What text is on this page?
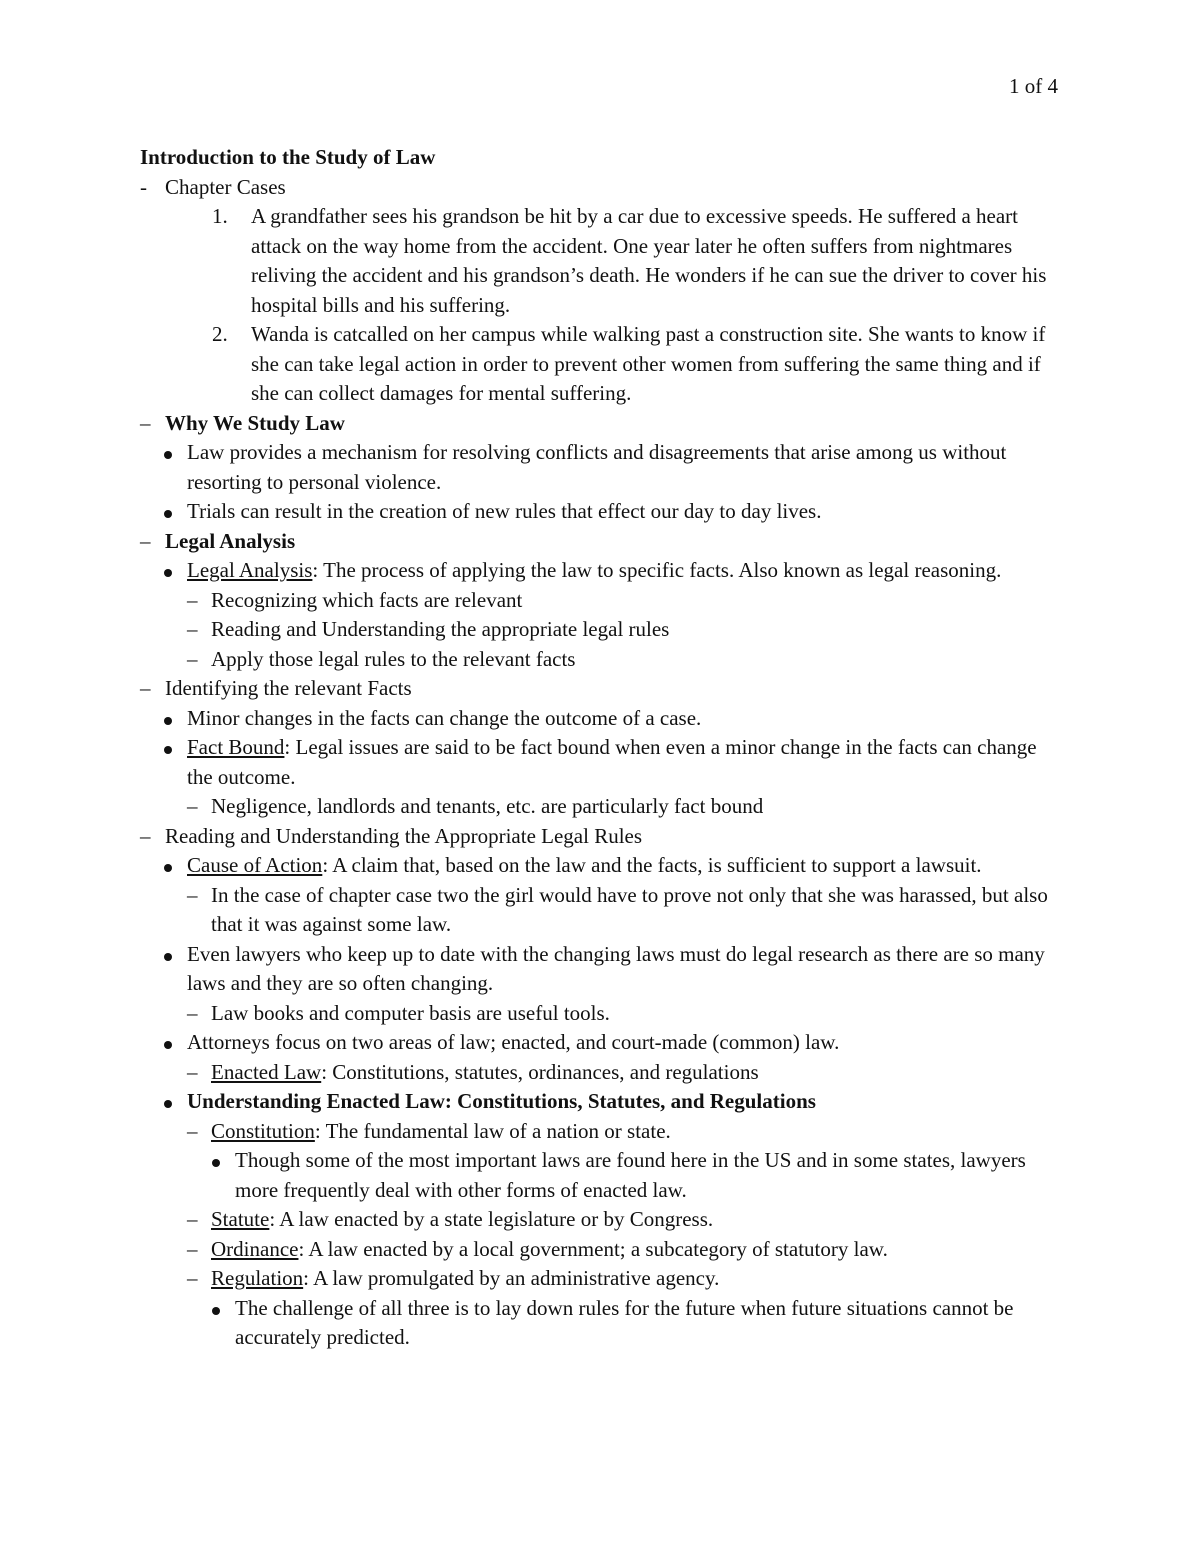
1 of 4
Introduction to the Study of Law
- Chapter Cases
1. A grandfather sees his grandson be hit by a car due to excessive speeds. He suffered a heart attack on the way home from the accident. One year later he often suffers from nightmares reliving the accident and his grandson’s death. He wonders if he can sue the driver to cover his hospital bills and his suffering.
2. Wanda is catcalled on her campus while walking past a construction site. She wants to know if she can take legal action in order to prevent other women from suffering the same thing and if she can collect damages for mental suffering.
– Why We Study Law
Law provides a mechanism for resolving conflicts and disagreements that arise among us without resorting to personal violence.
Trials can result in the creation of new rules that effect our day to day lives.
– Legal Analysis
Legal Analysis: The process of applying the law to specific facts. Also known as legal reasoning.
– Recognizing which facts are relevant
– Reading and Understanding the appropriate legal rules
– Apply those legal rules to the relevant facts
– Identifying the relevant Facts
Minor changes in the facts can change the outcome of a case.
Fact Bound: Legal issues are said to be fact bound when even a minor change in the facts can change the outcome.
– Negligence, landlords and tenants, etc. are particularly fact bound
– Reading and Understanding the Appropriate Legal Rules
Cause of Action: A claim that, based on the law and the facts, is sufficient to support a lawsuit.
– In the case of chapter case two the girl would have to prove not only that she was harassed, but also that it was against some law.
Even lawyers who keep up to date with the changing laws must do legal research as there are so many laws and they are so often changing.
– Law books and computer basis are useful tools.
Attorneys focus on two areas of law; enacted, and court-made (common) law.
– Enacted Law: Constitutions, statutes, ordinances, and regulations
Understanding Enacted Law: Constitutions, Statutes, and Regulations
– Constitution: The fundamental law of a nation or state.
Though some of the most important laws are found here in the US and in some states, lawyers more frequently deal with other forms of enacted law.
– Statute: A law enacted by a state legislature or by Congress.
– Ordinance: A law enacted by a local government; a subcategory of statutory law.
– Regulation: A law promulgated by an administrative agency.
The challenge of all three is to lay down rules for the future when future situations cannot be accurately predicted.
